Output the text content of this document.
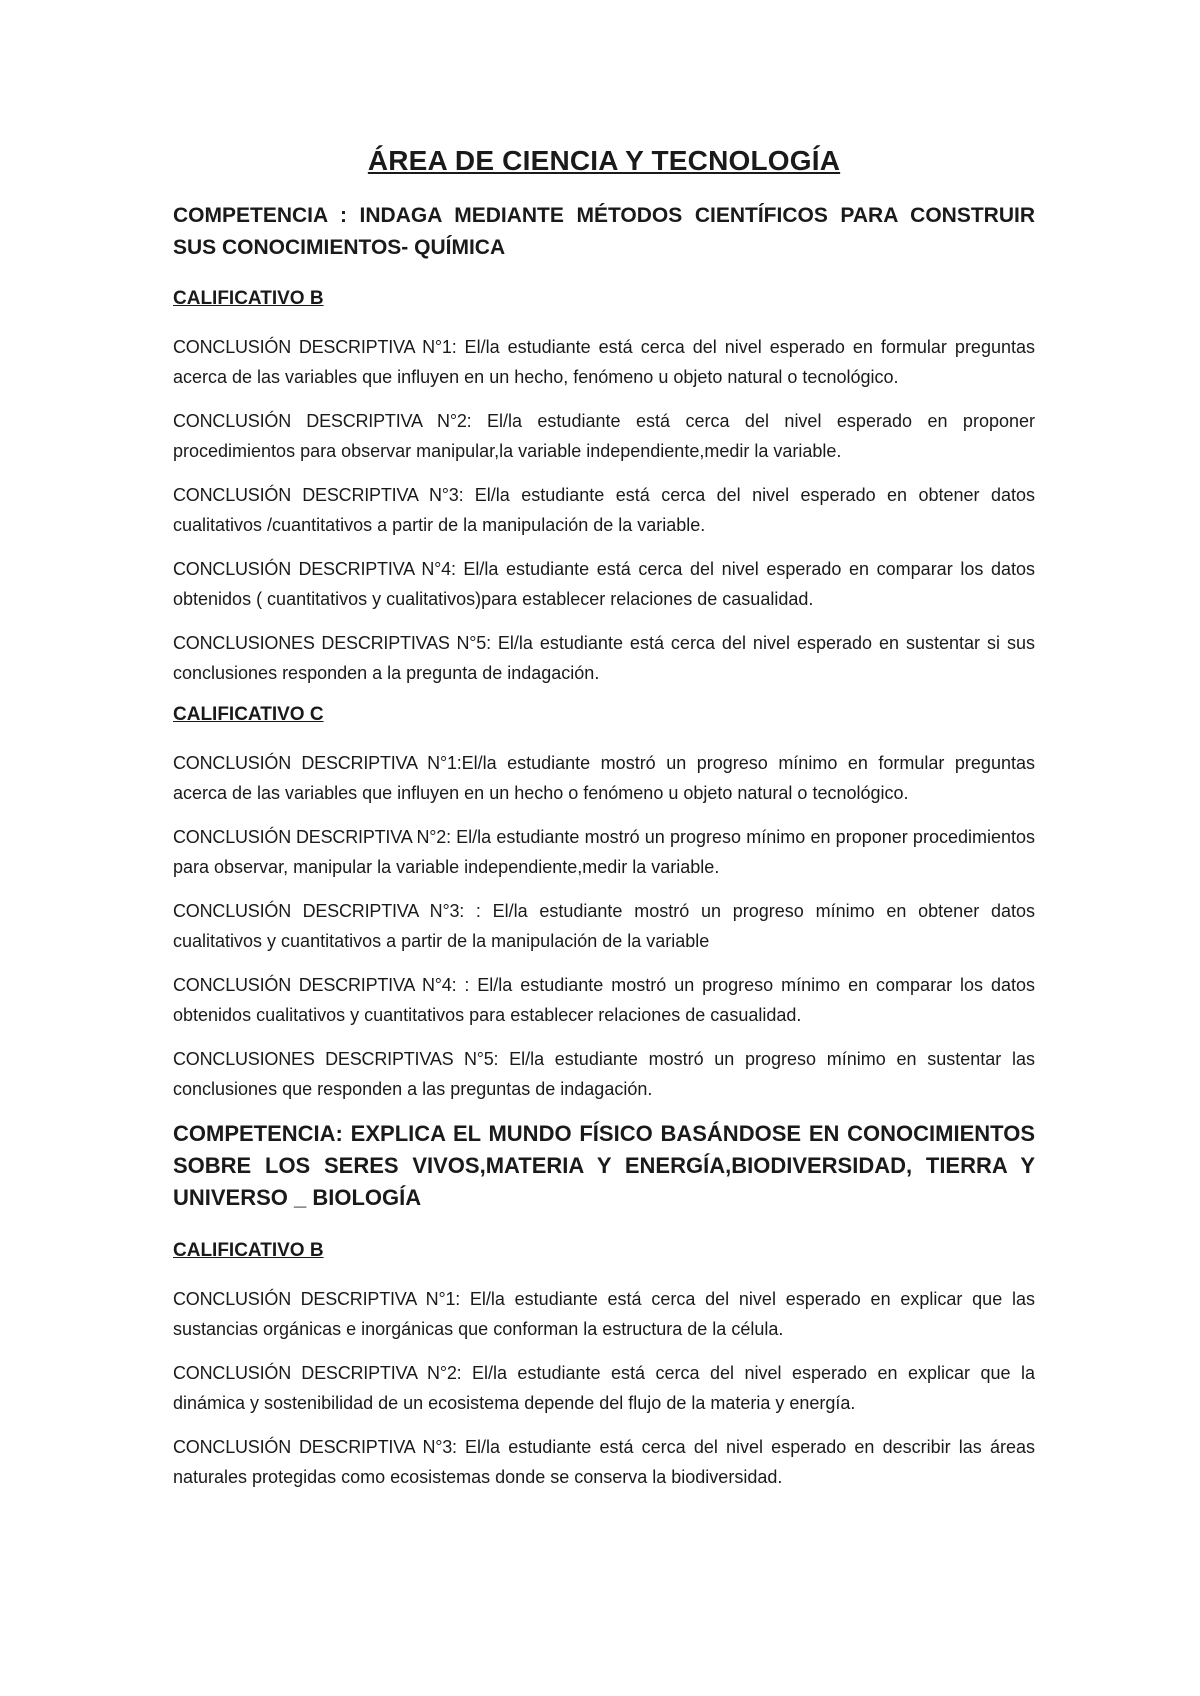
ÁREA DE CIENCIA Y TECNOLOGÍA
COMPETENCIA : INDAGA MEDIANTE MÉTODOS CIENTÍFICOS PARA CONSTRUIR SUS CONOCIMIENTOS- QUÍMICA
CALIFICATIVO B

CONCLUSIÓN DESCRIPTIVA N°1: El/la estudiante está cerca del nivel esperado en formular preguntas acerca de las variables que influyen en un hecho, fenómeno u objeto natural o tecnológico.

CONCLUSIÓN DESCRIPTIVA N°2: El/la estudiante está cerca del nivel esperado en proponer procedimientos para observar manipular,la variable independiente,medir la variable.

CONCLUSIÓN DESCRIPTIVA N°3: El/la estudiante está cerca del nivel esperado en obtener datos cualitativos /cuantitativos a partir de la manipulación de la variable.

CONCLUSIÓN DESCRIPTIVA N°4: El/la estudiante está cerca del nivel esperado en comparar los datos obtenidos ( cuantitativos y cualitativos)para establecer relaciones de casualidad.

CONCLUSIONES DESCRIPTIVAS N°5: El/la estudiante está cerca del nivel esperado en sustentar si sus conclusiones responden a la pregunta de indagación.

CALIFICATIVO C

CONCLUSIÓN DESCRIPTIVA N°1:El/la estudiante mostró un progreso mínimo en formular preguntas acerca de las variables que influyen en un hecho o fenómeno u objeto natural o tecnológico.

CONCLUSIÓN DESCRIPTIVA N°2: El/la estudiante mostró un progreso mínimo en proponer procedimientos para observar, manipular la variable independiente,medir la variable.

CONCLUSIÓN DESCRIPTIVA N°3: : El/la estudiante mostró un progreso mínimo en obtener datos cualitativos y cuantitativos a partir de la manipulación de la variable

CONCLUSIÓN DESCRIPTIVA N°4: : El/la estudiante mostró un progreso mínimo en comparar los datos obtenidos cualitativos y cuantitativos para establecer relaciones de casualidad.

CONCLUSIONES DESCRIPTIVAS N°5: El/la estudiante mostró un progreso mínimo en sustentar las conclusiones que responden a las preguntas de indagación.

COMPETENCIA: EXPLICA EL MUNDO FÍSICO BASÁNDOSE EN CONOCIMIENTOS SOBRE LOS SERES VIVOS,MATERIA Y ENERGÍA,BIODIVERSIDAD, TIERRA Y UNIVERSO _ BIOLOGÍA
CALIFICATIVO B

CONCLUSIÓN DESCRIPTIVA N°1: El/la estudiante está cerca del nivel esperado en explicar que las sustancias orgánicas e inorgánicas que conforman la estructura de la célula.

CONCLUSIÓN DESCRIPTIVA N°2: El/la estudiante está cerca del nivel esperado en explicar que la dinámica y sostenibilidad de un ecosistema depende del flujo de la materia y energía.

CONCLUSIÓN DESCRIPTIVA N°3: El/la estudiante está cerca del nivel esperado en describir las áreas naturales protegidas como ecosistemas donde se conserva la biodiversidad.
